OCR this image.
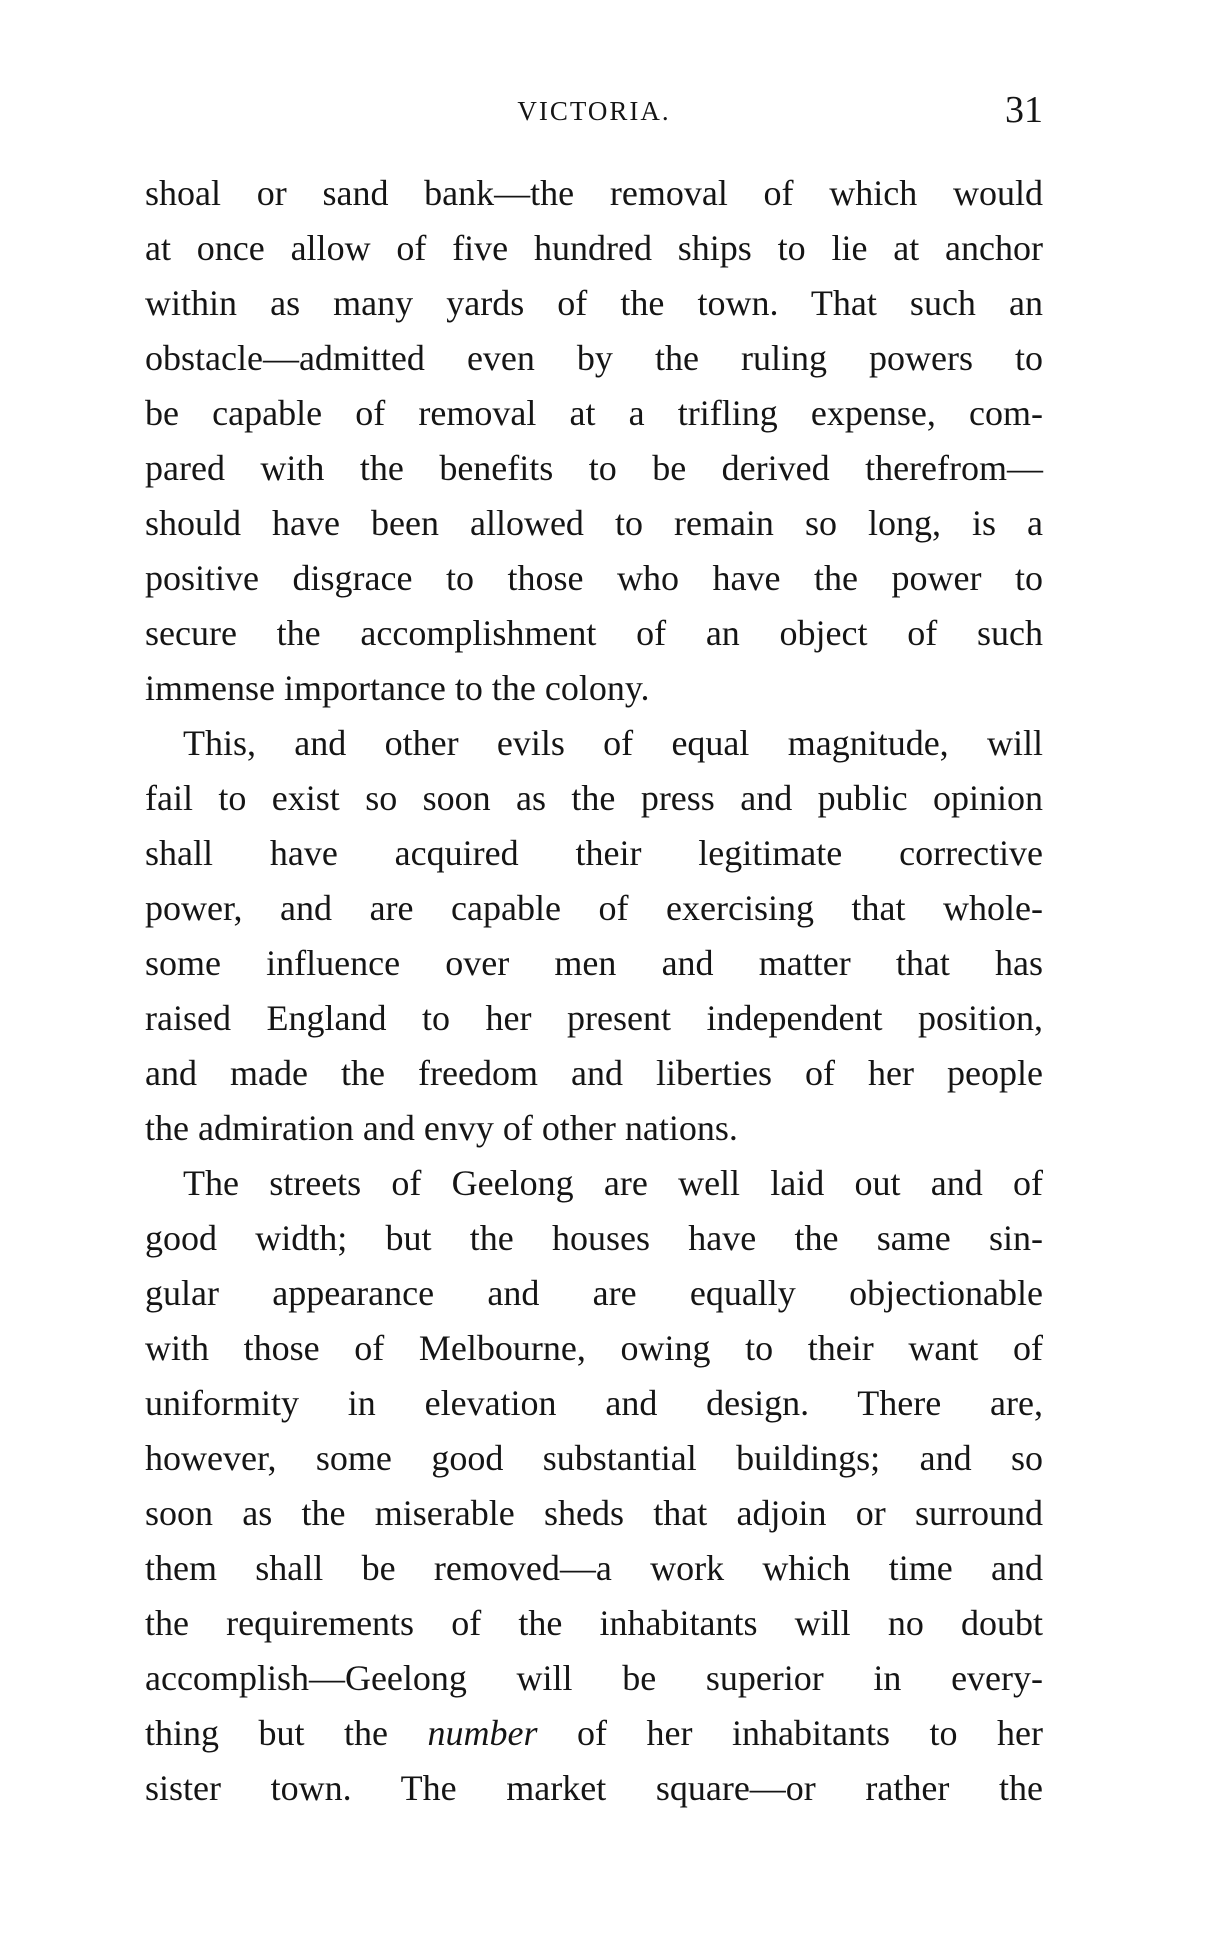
VICTORIA.	31
shoal or sand bank—the removal of which would
at once allow of five hundred ships to lie at anchor
within as many yards of the town. That such an
obstacle—admitted even by the ruling powers to
be capable of removal at a trifling expense, com-
pared with the benefits to be derived therefrom—
should have been allowed to remain so long, is a
positive disgrace to those who have the power to
secure the accomplishment of an object of such
immense importance to the colony.
This, and other evils of equal magnitude, will
fail to exist so soon as the press and public opinion
shall have acquired their legitimate corrective
power, and are capable of exercising that whole-
some influence over men and matter that has
raised England to her present independent position,
and made the freedom and liberties of her people
the admiration and envy of other nations.
The streets of Geelong are well laid out and of
good width; but the houses have the same sin-
gular appearance and are equally objectionable
with those of Melbourne, owing to their want of
uniformity in elevation and design. There are,
however, some good substantial buildings; and so
soon as the miserable sheds that adjoin or surround
them shall be removed—a work which time and
the requirements of the inhabitants will no doubt
accomplish—Geelong will be superior in every-
thing but the number of her inhabitants to her
sister town. The market square—or rather the
